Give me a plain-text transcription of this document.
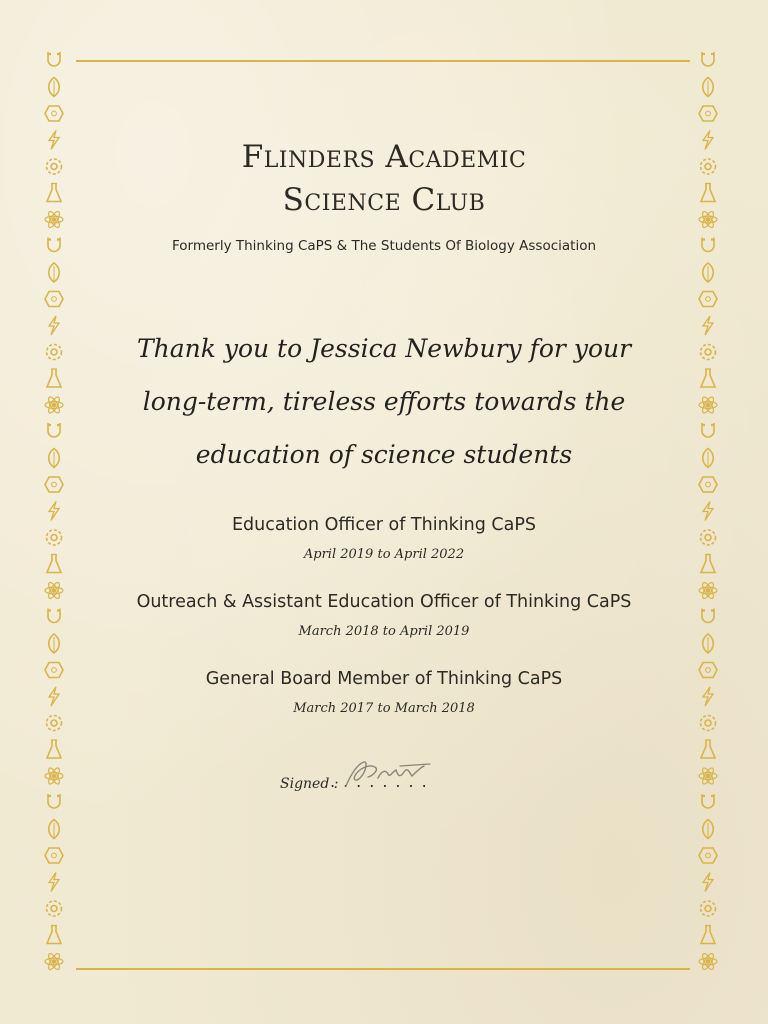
Flinders Academic
Science Club
Formerly Thinking CaPS & The Students Of Biology Association
Thank you to Jessica Newbury for your
long-term, tireless efforts towards the
education of science students
Education Officer of Thinking CaPS
April 2019 to April 2022
Outreach & Assistant Education Officer of Thinking CaPS
March 2018 to April 2019
General Board Member of Thinking CaPS
March 2017 to March 2018
Signed :
........
